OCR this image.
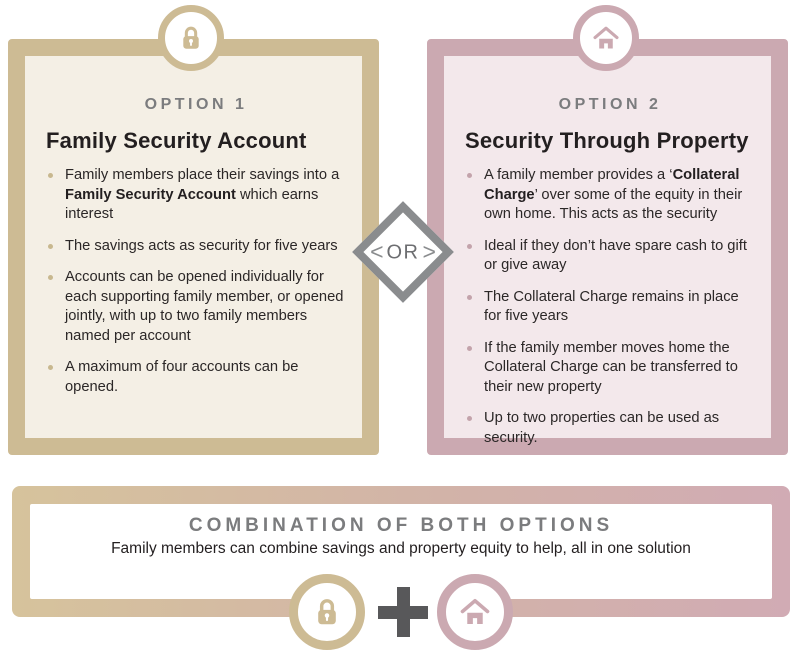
OPTION 1
Family Security Account
Family members place their savings into a Family Security Account which earns interest
The savings acts as security for five years
Accounts can be opened individually for each supporting family member, or opened jointly, with up to two family members named per account
A maximum of four accounts can be opened.
OPTION 2
Security Through Property
A family member provides a ‘Collateral Charge’ over some of the equity in their own home. This acts as the security
Ideal if they don’t have spare cash to gift or give away
The Collateral Charge remains in place for five years
If the family member moves home the Collateral Charge can be transferred to their new property
Up to two properties can be used as security.
< OR >
COMBINATION OF BOTH OPTIONS

Family members can combine savings and property equity to help, all in one solution
